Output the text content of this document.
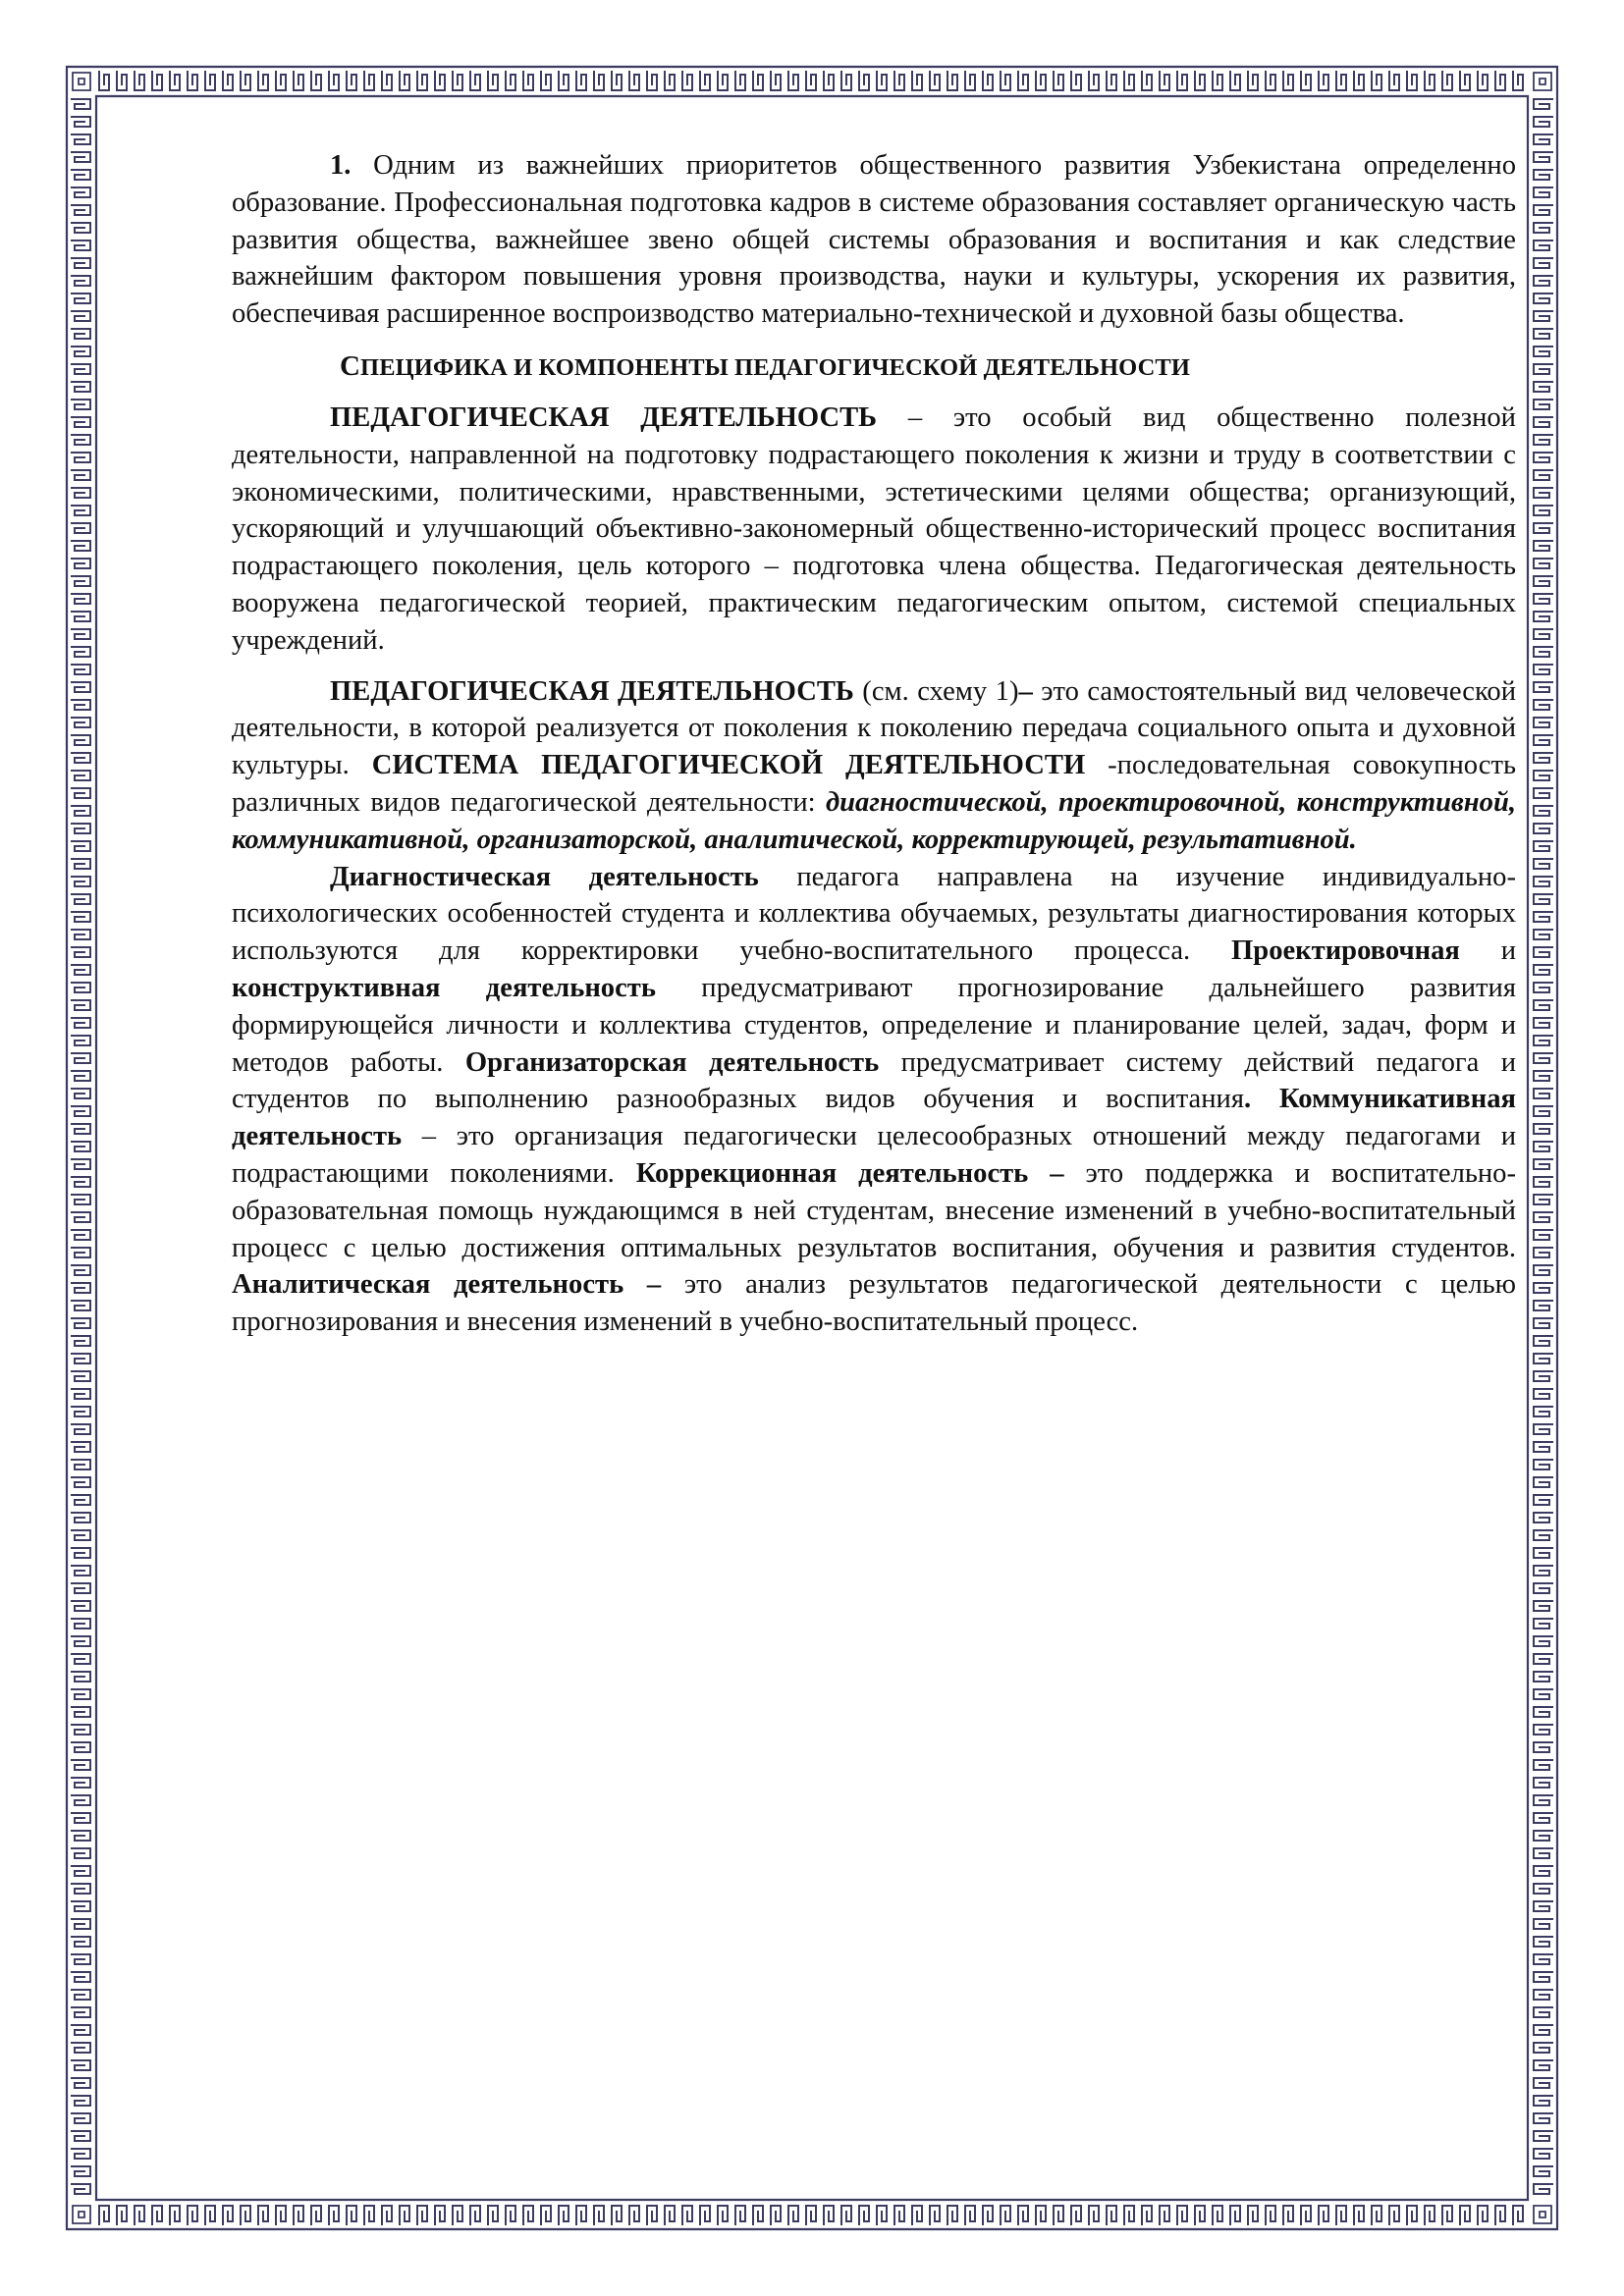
1. Одним из важнейших приоритетов общественного развития Узбекистана определенно образование. Профессиональная подготовка кадров в системе образования составляет органическую часть развития общества, важнейшее звено общей системы образования и воспитания и как следствие важнейшим фактором повышения уровня производства, науки и культуры, ускорения их развития, обеспечивая расширенное воспроизводство материально-технической и духовной базы общества.

СПЕЦИФИКА И КОМПОНЕНТЫ ПЕДАГОГИЧЕСКОЙ ДЕЯТЕЛЬНОСТИ

ПЕДАГОГИЧЕСКАЯ ДЕЯТЕЛЬНОСТЬ – это особый вид общественно полезной деятельности, направленной на подготовку подрастающего поколения к жизни и труду в соответствии с экономическими, политическими, нравственными, эстетическими целями общества; организующий, ускоряющий и улучшающий объективно-закономерный общественно-исторический процесс воспитания подрастающего поколения, цель которого – подготовка члена общества. Педагогическая деятельность вооружена педагогической теорией, практическим педагогическим опытом, системой специальных учреждений.

ПЕДАГОГИЧЕСКАЯ ДЕЯТЕЛЬНОСТЬ (см. схему 1)– это самостоятельный вид человеческой деятельности, в которой реализуется от поколения к поколению передача социального опыта и духовной культуры. СИСТЕМА ПЕДАГОГИЧЕСКОЙ ДЕЯТЕЛЬНОСТИ -последовательная совокупность различных видов педагогической деятельности: диагностической, проектировочной, конструктивной, коммуникативной, организаторской, аналитической, корректирующей, результативной.

Диагностическая деятельность педагога направлена на изучение индивидуально-психологических особенностей студента и коллектива обучаемых, результаты диагностирования которых используются для корректировки учебно-воспитательного процесса. Проектировочная и конструктивная деятельность предусматривают прогнозирование дальнейшего развития формирующейся личности и коллектива студентов, определение и планирование целей, задач, форм и методов работы. Организаторская деятельность предусматривает систему действий педагога и студентов по выполнению разнообразных видов обучения и воспитания. Коммуникативная деятельность – это организация педагогически целесообразных отношений между педагогами и подрастающими поколениями. Коррекционная деятельность – это поддержка и воспитательно-образовательная помощь нуждающимся в ней студентам, внесение изменений в учебно-воспитательный процесс с целью достижения оптимальных результатов воспитания, обучения и развития студентов. Аналитическая деятельность – это анализ результатов педагогической деятельности с целью прогнозирования и внесения изменений в учебно-воспитательный процесс.
